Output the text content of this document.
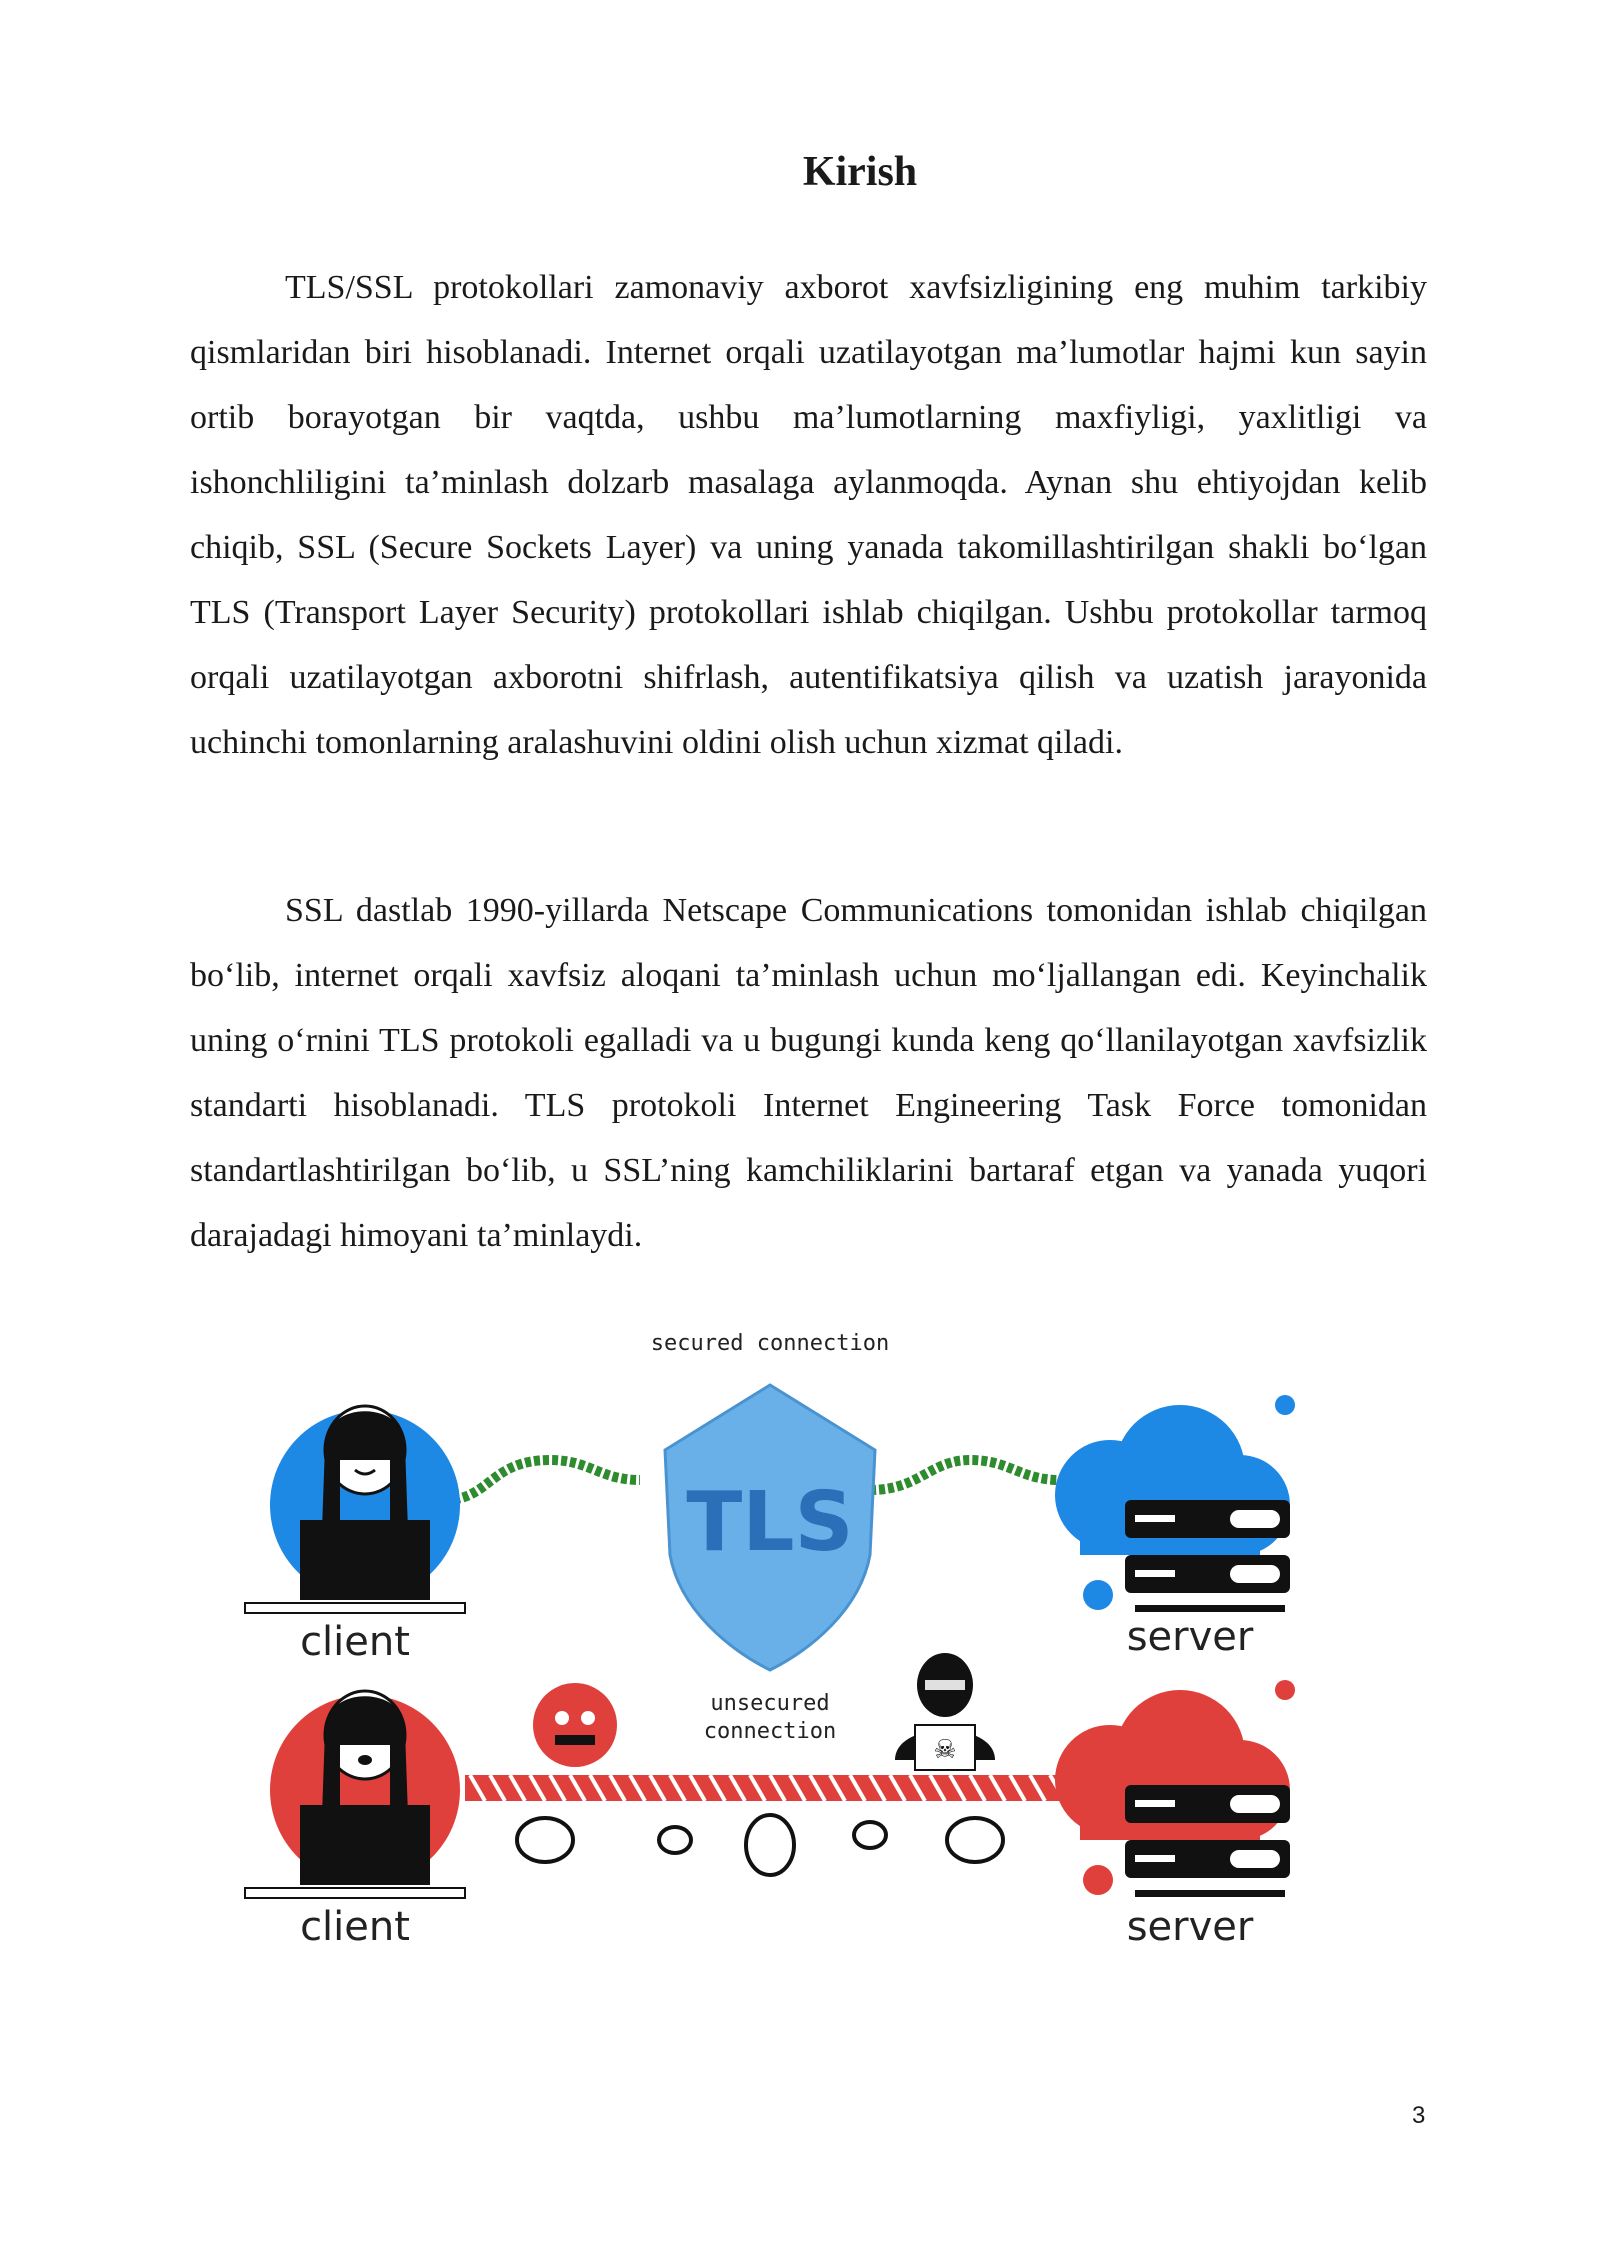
Kirish
TLS/SSL protokollari zamonaviy axborot xavfsizligining eng muhim tarkibiy qismlaridan biri hisoblanadi. Internet orqali uzatilayotgan ma’lumotlar hajmi kun sayin ortib borayotgan bir vaqtda, ushbu ma’lumotlarning maxfiyligi, yaxlitligi va ishonchliligini ta’minlash dolzarb masalaga aylanmoqda. Aynan shu ehtiyojdan kelib chiqib, SSL (Secure Sockets Layer) va uning yanada takomillashtirilgan shakli bo‘lgan TLS (Transport Layer Security) protokollari ishlab chiqilgan. Ushbu protokollar tarmoq orqali uzatilayotgan axborotni shifrlash, autentifikatsiya qilish va uzatish jarayonida uchinchi tomonlarning aralashuvini oldini olish uchun xizmat qiladi.
SSL dastlab 1990-yillarda Netscape Communications tomonidan ishlab chiqilgan bo‘lib, internet orqali xavfsiz aloqani ta’minlash uchun mo‘ljallangan edi. Keyinchalik uning o‘rnini TLS protokoli egalladi va u bugungi kunda keng qo‘llanilayotgan xavfsizlik standarti hisoblanadi. TLS protokoli Internet Engineering Task Force tomonidan standartlashtirilgan bo‘lib, u SSL’ning kamchiliklarini bartaraf etgan va yanada yuqori darajadagi himoyani ta’minlaydi.
secured connection
client
TLS
server
unsecured
connection
☠
client	server
3
